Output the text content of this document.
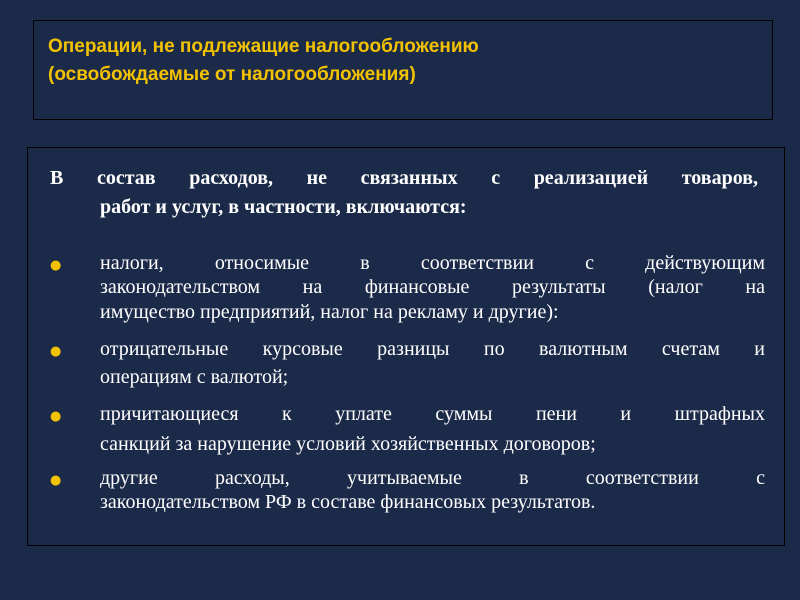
Операции, не подлежащие налогообложению
(освобождаемые от налогообложения)
В состав расходов, не связанных с реализацией товаров,
работ и услуг, в частности, включаются:
● налоги, относимые в соответствии с действующим
законодательством на финансовые результаты (налог на
имущество предприятий, налог на рекламу и другие):
● отрицательные курсовые разницы по валютным счетам и
операциям с валютой;
● причитающиеся к уплате суммы пени и штрафных
санкций за нарушение условий хозяйственных договоров;
● другие расходы, учитываемые в соответствии с
законодательством РФ в составе финансовых результатов.
